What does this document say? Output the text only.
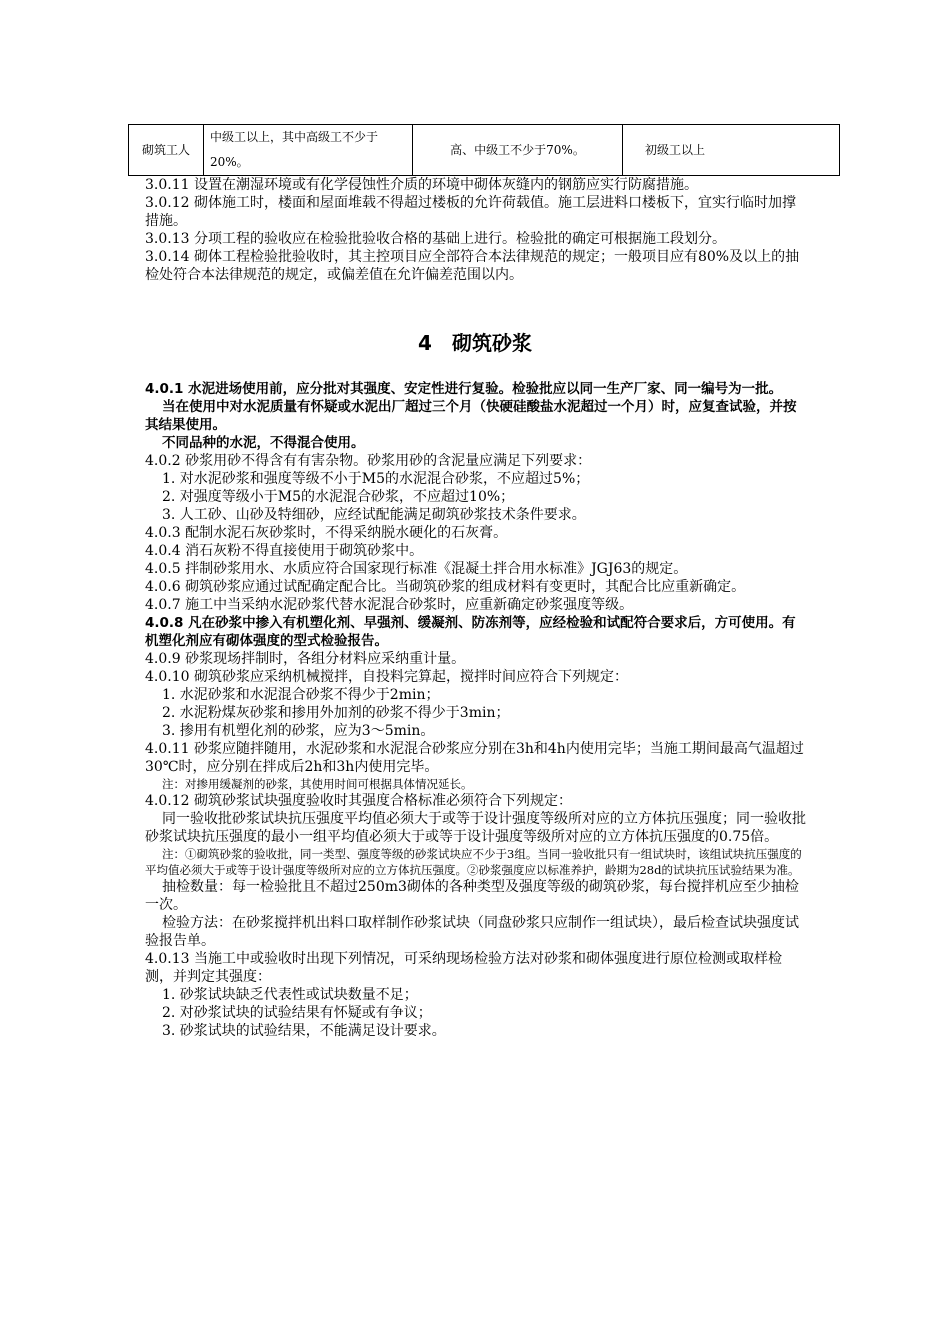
砌筑工人	中级工以上，其中高级工不少于20%。	高、中级工不少于70%。	初级工以上

3.0.11 设置在潮湿环境或有化学侵蚀性介质的环境中砌体灰缝内的钢筋应实行防腐措施。

3.0.12 砌体施工时，楼面和屋面堆载不得超过楼板的允许荷载值。施工层进料口楼板下，宜实行临时加撑措施。

3.0.13 分项工程的验收应在检验批验收合格的基础上进行。检验批的确定可根据施工段划分。

3.0.14 砌体工程检验批验收时，其主控项目应全部符合本法律规范的规定；一般项目应有80%及以上的抽检处符合本法律规范的规定，或偏差值在允许偏差范围以内。

4　砌筑砂浆

4.0.1 水泥进场使用前，应分批对其强度、安定性进行复验。检验批应以同一生产厂家、同一编号为一批。

当在使用中对水泥质量有怀疑或水泥出厂超过三个月（快硬硅酸盐水泥超过一个月）时，应复查试验，并按其结果使用。

不同品种的水泥，不得混合使用。

4.0.2 砂浆用砂不得含有有害杂物。砂浆用砂的含泥量应满足下列要求：

1. 对水泥砂浆和强度等级不小于M5的水泥混合砂浆，不应超过5%；

2. 对强度等级小于M5的水泥混合砂浆，不应超过10%；

3. 人工砂、山砂及特细砂，应经试配能满足砌筑砂浆技术条件要求。

4.0.3 配制水泥石灰砂浆时，不得采纳脱水硬化的石灰膏。

4.0.4 消石灰粉不得直接使用于砌筑砂浆中。

4.0.5 拌制砂浆用水、水质应符合国家现行标准《混凝土拌合用水标准》JGJ63的规定。

4.0.6 砌筑砂浆应通过试配确定配合比。当砌筑砂浆的组成材料有变更时，其配合比应重新确定。

4.0.7 施工中当采纳水泥砂浆代替水泥混合砂浆时，应重新确定砂浆强度等级。

4.0.8 凡在砂浆中掺入有机塑化剂、早强剂、缓凝剂、防冻剂等，应经检验和试配符合要求后，方可使用。有机塑化剂应有砌体强度的型式检验报告。

4.0.9 砂浆现场拌制时，各组分材料应采纳重计量。

4.0.10 砌筑砂浆应采纳机械搅拌，自投料完算起，搅拌时间应符合下列规定：

1. 水泥砂浆和水泥混合砂浆不得少于2min；

2. 水泥粉煤灰砂浆和掺用外加剂的砂浆不得少于3min；

3. 掺用有机塑化剂的砂浆，应为3～5min。

4.0.11 砂浆应随拌随用，水泥砂浆和水泥混合砂浆应分别在3h和4h内使用完毕；当施工期间最高气温超过30℃时，应分别在拌成后2h和3h内使用完毕。

注：对掺用缓凝剂的砂浆，其使用时间可根据具体情况延长。

4.0.12 砌筑砂浆试块强度验收时其强度合格标准必须符合下列规定：

同一验收批砂浆试块抗压强度平均值必须大于或等于设计强度等级所对应的立方体抗压强度；同一验收批砂浆试块抗压强度的最小一组平均值必须大于或等于设计强度等级所对应的立方体抗压强度的0.75倍。

注：①砌筑砂浆的验收批，同一类型、强度等级的砂浆试块应不少于3组。当同一验收批只有一组试块时，该组试块抗压强度的平均值必须大于或等于设计强度等级所对应的立方体抗压强度。②砂浆强度应以标准养护，龄期为28d的试块抗压试验结果为准。

抽检数量：每一检验批且不超过250m3砌体的各种类型及强度等级的砌筑砂浆，每台搅拌机应至少抽检一次。

检验方法：在砂浆搅拌机出料口取样制作砂浆试块（同盘砂浆只应制作一组试块），最后检查试块强度试验报告单。

4.0.13 当施工中或验收时出现下列情况，可采纳现场检验方法对砂浆和砌体强度进行原位检测或取样检测，并判定其强度：

1. 砂浆试块缺乏代表性或试块数量不足；

2. 对砂浆试块的试验结果有怀疑或有争议；

3. 砂浆试块的试验结果，不能满足设计要求。
